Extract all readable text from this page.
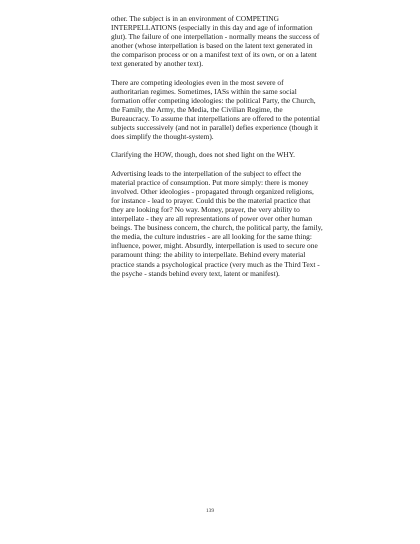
other. The subject is in an environment of COMPETING INTERPELLATIONS (especially in this day and age of information glut). The failure of one interpellation - normally means the success of another (whose interpellation is based on the latent text generated in the comparison process or on a manifest text of its own, or on a latent text generated by another text).

There are competing ideologies even in the most severe of authoritarian regimes. Sometimes, IASs within the same social formation offer competing ideologies: the political Party, the Church, the Family, the Army, the Media, the Civilian Regime, the Bureaucracy. To assume that interpellations are offered to the potential subjects successively (and not in parallel) defies experience (though it does simplify the thought-system).

Clarifying the HOW, though, does not shed light on the WHY.

Advertising leads to the interpellation of the subject to effect the material practice of consumption. Put more simply: there is money involved. Other ideologies - propagated through organized religions, for instance - lead to prayer. Could this be the material practice that they are looking for? No way. Money, prayer, the very ability to interpellate - they are all representations of power over other human beings. The business concern, the church, the political party, the family, the media, the culture industries - are all looking for the same thing: influence, power, might. Absurdly, interpellation is used to secure one paramount thing: the ability to interpellate. Behind every material practice stands a psychological practice (very much as the Third Text - the psyche - stands behind every text, latent or manifest).

139
